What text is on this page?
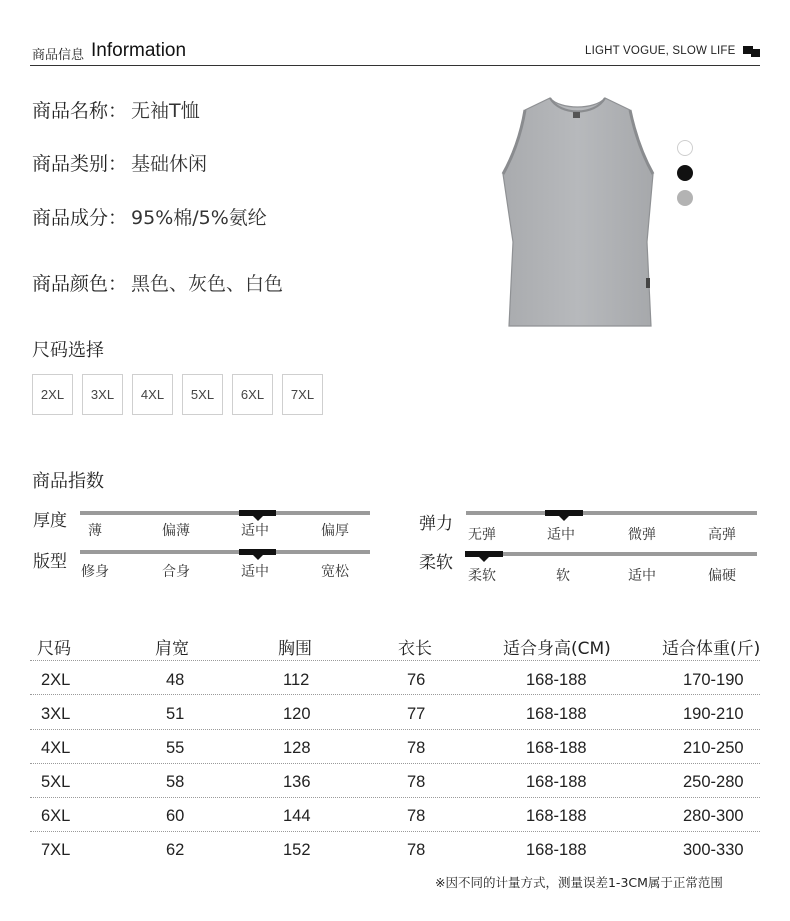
商品信息 Information	LIGHT VOGUE, SLOW LIFE
商品名称： 无袖T恤
商品类别： 基础休闲
商品成分： 95%棉/5%氨纶
商品颜色： 黑色、灰色、白色
尺码选择
2XL	3XL	4XL	5XL	6XL	7XL
商品指数
厚度 薄	偏薄	适中	偏厚
版型 修身	合身	适中	宽松
弹力
无弹	适中	微弹	高弹
柔软
柔软	软	适中	偏硬
尺码	肩宽	胸围	衣长	适合身高(CM)	适合体重(斤)
2XL	48	112	76	168-188	170-190
3XL	51	120	77	168-188	190-210
4XL	55	128	78	168-188	210-250
5XL	58	136	78	168-188	250-280
6XL	60	144	78	168-188	280-300
7XL	62	152	78	168-188	300-330
※因不同的计量方式，测量误差1-3CM属于正常范围
